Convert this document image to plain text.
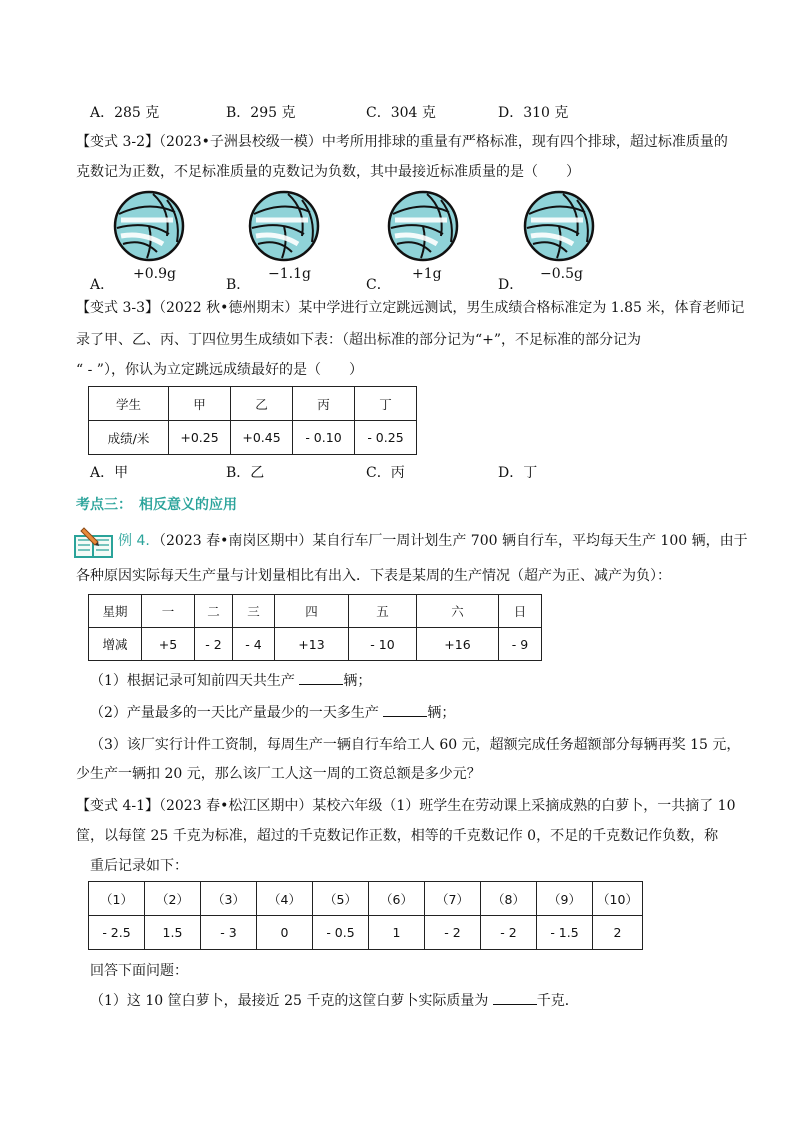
A．285 克	B．295 克	C．304 克	D．310 克
【变式 3-2】（2023•子洲县校级一模）中考所用排球的重量有严格标准，现有四个排球，超过标准质量的
克数记为正数，不足标准质量的克数记为负数，其中最接近标准质量的是（　　）
A．
+0.9g
B．
−1.1g
C．
+1g
D．
−0.5g
【变式 3-3】（2022 秋•德州期末）某中学进行立定跳远测试，男生成绩合格标准定为 1.85 米，体育老师记
录了甲、乙、丙、丁四位男生成绩如下表：（超出标准的部分记为“+”，不足标准的部分记为
“ - ”），你认为立定跳远成绩最好的是（　　）
学生	甲	乙	丙	丁
成绩/米	+0.25	+0.45	- 0.10	- 0.25
A．甲	B．乙	C．丙	D．丁
考点三：　相反意义的应用
例 4. （2023 春•南岗区期中）某自行车厂一周计划生产 700 辆自行车，平均每天生产 100 辆，由于
各种原因实际每天生产量与计划量相比有出入．下表是某周的生产情况（超产为正、减产为负）：
星期	一	二	三	四	五	六	日
增减	+5	- 2	- 4	+13	- 10	+16	- 9
（1）根据记录可知前四天共生产	辆；
（2）产量最多的一天比产量最少的一天多生产	辆；
（3）该厂实行计件工资制，每周生产一辆自行车给工人 60 元，超额完成任务超额部分每辆再奖 15 元，
少生产一辆扣 20 元，那么该厂工人这一周的工资总额是多少元？
【变式 4-1】（2023 春•松江区期中）某校六年级（1）班学生在劳动课上采摘成熟的白萝卜，一共摘了 10
筐，以每筐 25 千克为标准，超过的千克数记作正数，相等的千克数记作 0，不足的千克数记作负数，称
重后记录如下：
（1）	（2）	（3）	（4）	（5）	（6）	（7）	（8）	（9）	（10）
- 2.5	1.5	- 3	0	- 0.5	1	- 2	- 2	- 1.5	2
回答下面问题：
（1）这 10 筐白萝卜，最接近 25 千克的这筐白萝卜实际质量为	千克．
